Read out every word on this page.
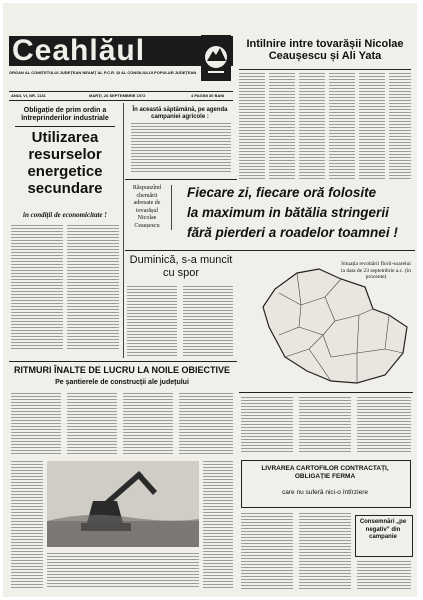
Ceahlăul
ORGAN AL COMITETULUI JUDEȚEAN NEAMȚ AL P.C.R. ȘI AL CONSILIULUI POPULAR JUDEȚEAN
ANUL VI, NR. 1131	MARȚI, 26 SEPTEMBRIE 1972	4 PAGINI 30 BANI
Intilnire intre tovarășii Nicolae Ceaușescu și Ali Yata
Obligație de prim ordin a întreprinderilor industriale
Utilizarea resurselor energetice secundare
in condiții de economicitate !
În această săptămână, pe agenda campaniei agricole :
Răspunzînd chemării adresate de tovarășul Nicolae Ceaușescu
Fiecare zi, fiecare oră folosite
la maximum in bătălia stringerii
fără pierderi a roadelor toamnei !
Duminică, s-a muncit cu spor
Situația recoltării florii-soarelui la data de 23 septembrie a.c. (în procente)
RITMURI ÎNALTE DE LUCRU LA NOILE OBIECTIVE
Pe șantierele de construcții ale județului
LIVRAREA CARTOFILOR CONTRACTAȚI, OBLIGAȚIE FERMA
care nu suferă nici-o întîrziere
Consemnări „pe negativ” din campanie
